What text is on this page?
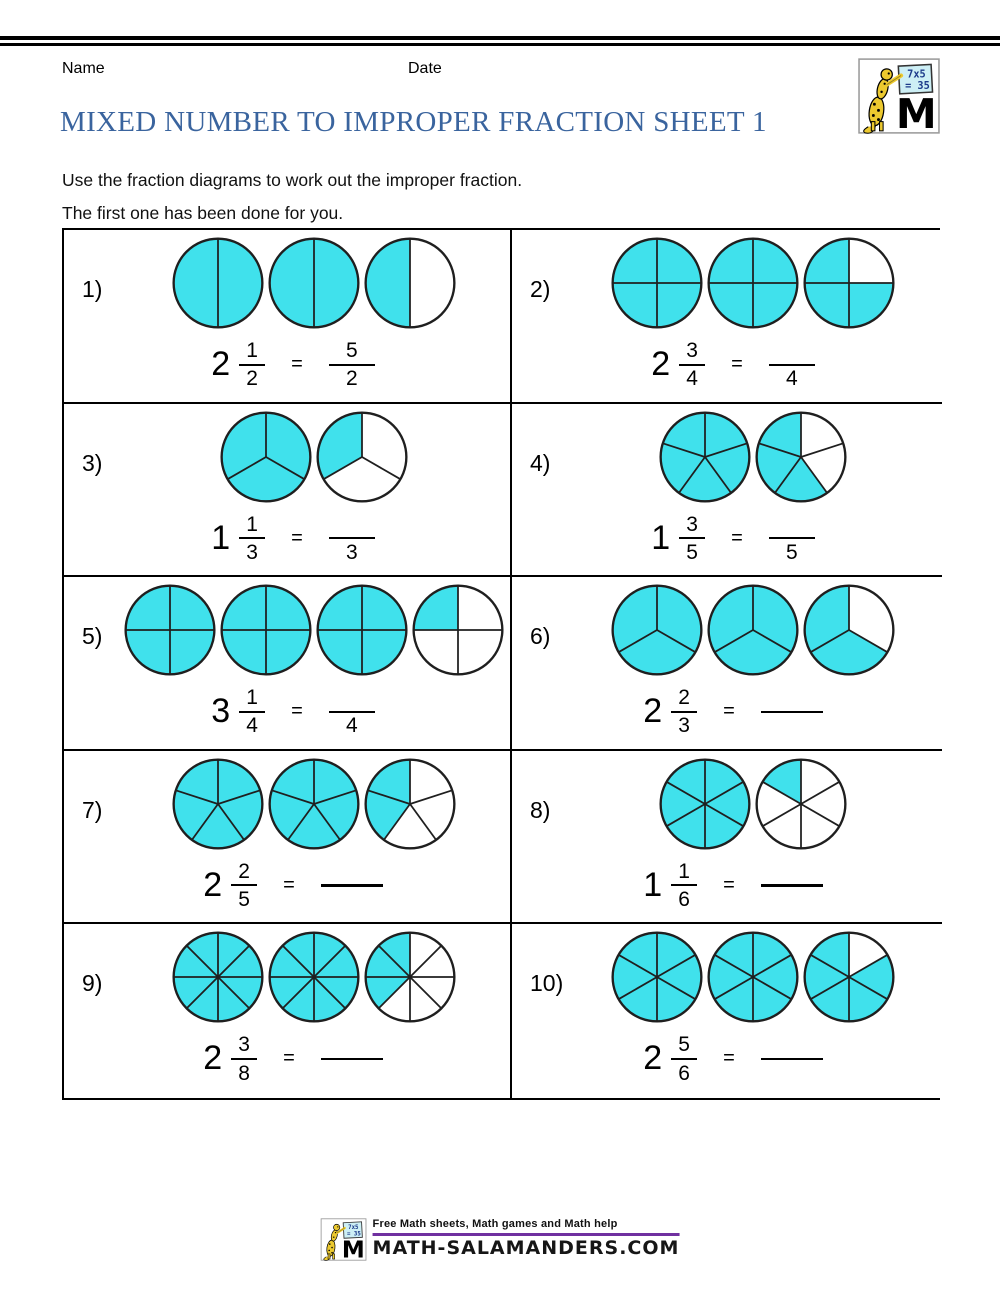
Name	Date
MIXED NUMBER TO IMPROPER FRACTION SHEET 1

Use the fraction diagrams to work out the improper fraction.

The first one has been done for you.

1)
$2 \frac{1}{2} = \frac{5}{2}$
2)
$2 \frac{3}{4}$ =
4
3)
$1 \frac{1}{3}$ =
3
4)
$1 \frac{3}{5}$ =
5
5)
$3 \frac{1}{4}$ =
4
6)
$2 \frac{2}{3}$ =
7)
$2 \frac{2}{5}$ =
8)
$1 \frac{1}{6}$ =
9)
$2 \frac{3}{8}$ =
10)
$2 \frac{5}{6}$ =
Free Math sheets, Math games and Math help
MATH-SALAMANDERS.COM
